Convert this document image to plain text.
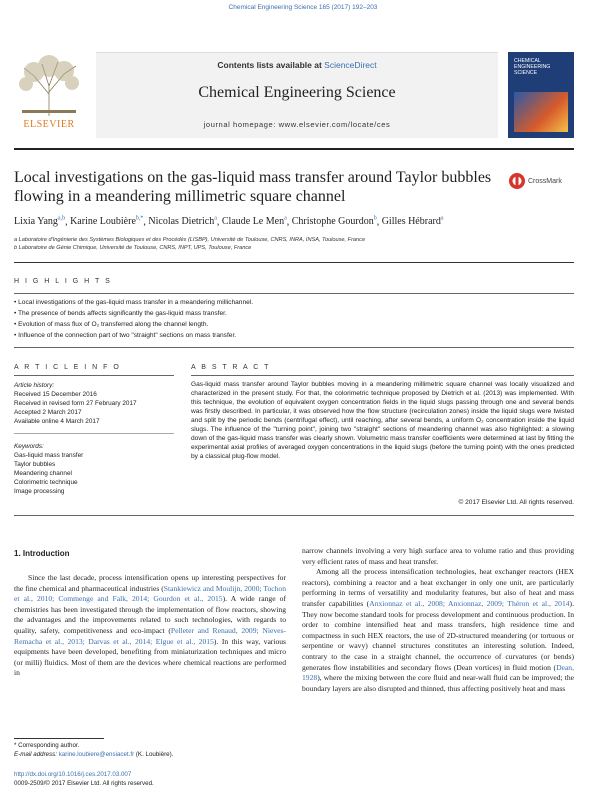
Chemical Engineering Science 165 (2017) 192–203
ELSEVIER
Contents lists available at ScienceDirect
Chemical Engineering Science
journal homepage: www.elsevier.com/locate/ces
CHEMICAL ENGINEERING SCIENCE
Local investigations on the gas-liquid mass transfer around Taylor bubbles flowing in a meandering millimetric square channel
CrossMark
Lixia Yang$^{a,b}$, Karine Loubière$^{b,*}$, Nicolas Dietrich$^a$, Claude Le Men$^a$, Christophe Gourdon$^b$, Gilles Hébrard$^a$
a Laboratoire d'Ingénierie des Systèmes Biologiques et des Procédés (LISBP), Université de Toulouse, CNRS, INRA, INSA, Toulouse, France
b Laboratoire de Génie Chimique, Université de Toulouse, CNRS, INPT, UPS, Toulouse, France
H I G H L I G H T S
• Local investigations of the gas-liquid mass transfer in a meandering millichannel.
• The presence of bends affects significantly the gas-liquid mass transfer.
• Evolution of mass flux of O₂ transferred along the channel length.
• Influence of the connection part of two "straight" sections on mass transfer.
A R T I C L E I N F O	A B S T R A C T
Article history:
Received 15 December 2016
Received in revised form 27 February 2017
Accepted 2 March 2017
Available online 4 March 2017
Keywords:
Gas-liquid mass transfer
Taylor bubbles
Meandering channel
Colorimetric technique
Image processing
Gas-liquid mass transfer around Taylor bubbles moving in a meandering millimetric square channel was locally visualized and characterized in the present study. For that, the colorimetric technique proposed by Dietrich et al. (2013) was implemented. With this technique, the evolution of equivalent oxygen concentration fields in the liquid slugs passing through one and several bends was firstly described. In particular, it was observed how the flow structure (recirculation zones) inside the liquid slugs were twisted and split by the periodic bends (centrifugal effect), until reaching, after several bends, a uniform O₂ concentration inside the liquid slugs. The influence of the "turning point", joining two "straight" sections of meandering channel was also highlighted: a slowing down of the gas-liquid mass transfer was clearly shown. Volumetric mass transfer coefficients were determined at last by fitting the experimental axial profiles of averaged oxygen concentrations in the liquid slugs (before the turning point) with the ones predicted by a classical plug-flow model.
© 2017 Elsevier Ltd. All rights reserved.
1. Introduction
Since the last decade, process intensification opens up interesting perspectives for the fine chemical and pharmaceutical industries (Stankiewicz and Moulijn, 2000; Tochon et al., 2010; Commenge and Falk, 2014; Gourdon et al., 2015). A wide range of chemistries has been investigated through the implementation of flow reactors, showing the advantages and the improvements related to such technologies, with regards to quality, safety, competitiveness and eco-impact (Pelleter and Renaud, 2009; Nieves-Remacha et al., 2013; Darvas et al., 2014; Elgue et al., 2015). In this way, various equipments have been developed, benefiting from miniaturization techniques and micro (or milli) fluidics. Most of them are the devices where chemical reactions are performed in
narrow channels involving a very high surface area to volume ratio and thus providing very efficient rates of mass and heat transfer.
Among all the process intensification technologies, heat exchanger reactors (HEX reactors), combining a reactor and a heat exchanger in only one unit, are particularly performing in terms of versatility and modularity features, but also of heat and mass transfer capabilities (Anxionnaz et al., 2008; Anxionnaz, 2009; Théron et al., 2014). They now become standard tools for process development and continuous production. In order to combine intensified heat and mass transfers, high residence time and compactness in such HEX reactors, the use of 2D-structured meandering (or tortuous or serpentine or wavy) channel structures constitutes an interesting solution. Indeed, contrary to the case in a straight channel, the occurrence of curvatures (or bends) generates flow instabilities and secondary flows (Dean vortices) in fluid motion (Dean, 1928), where the mixing between the core fluid and near-wall fluid can be improved; the boundary layers are also disrupted and thinned, thus affecting positively heat and mass
* Corresponding author.
E-mail address: karine.loubiere@ensiacet.fr (K. Loubière).
http://dx.doi.org/10.1016/j.ces.2017.03.007
0009-2509/© 2017 Elsevier Ltd. All rights reserved.
